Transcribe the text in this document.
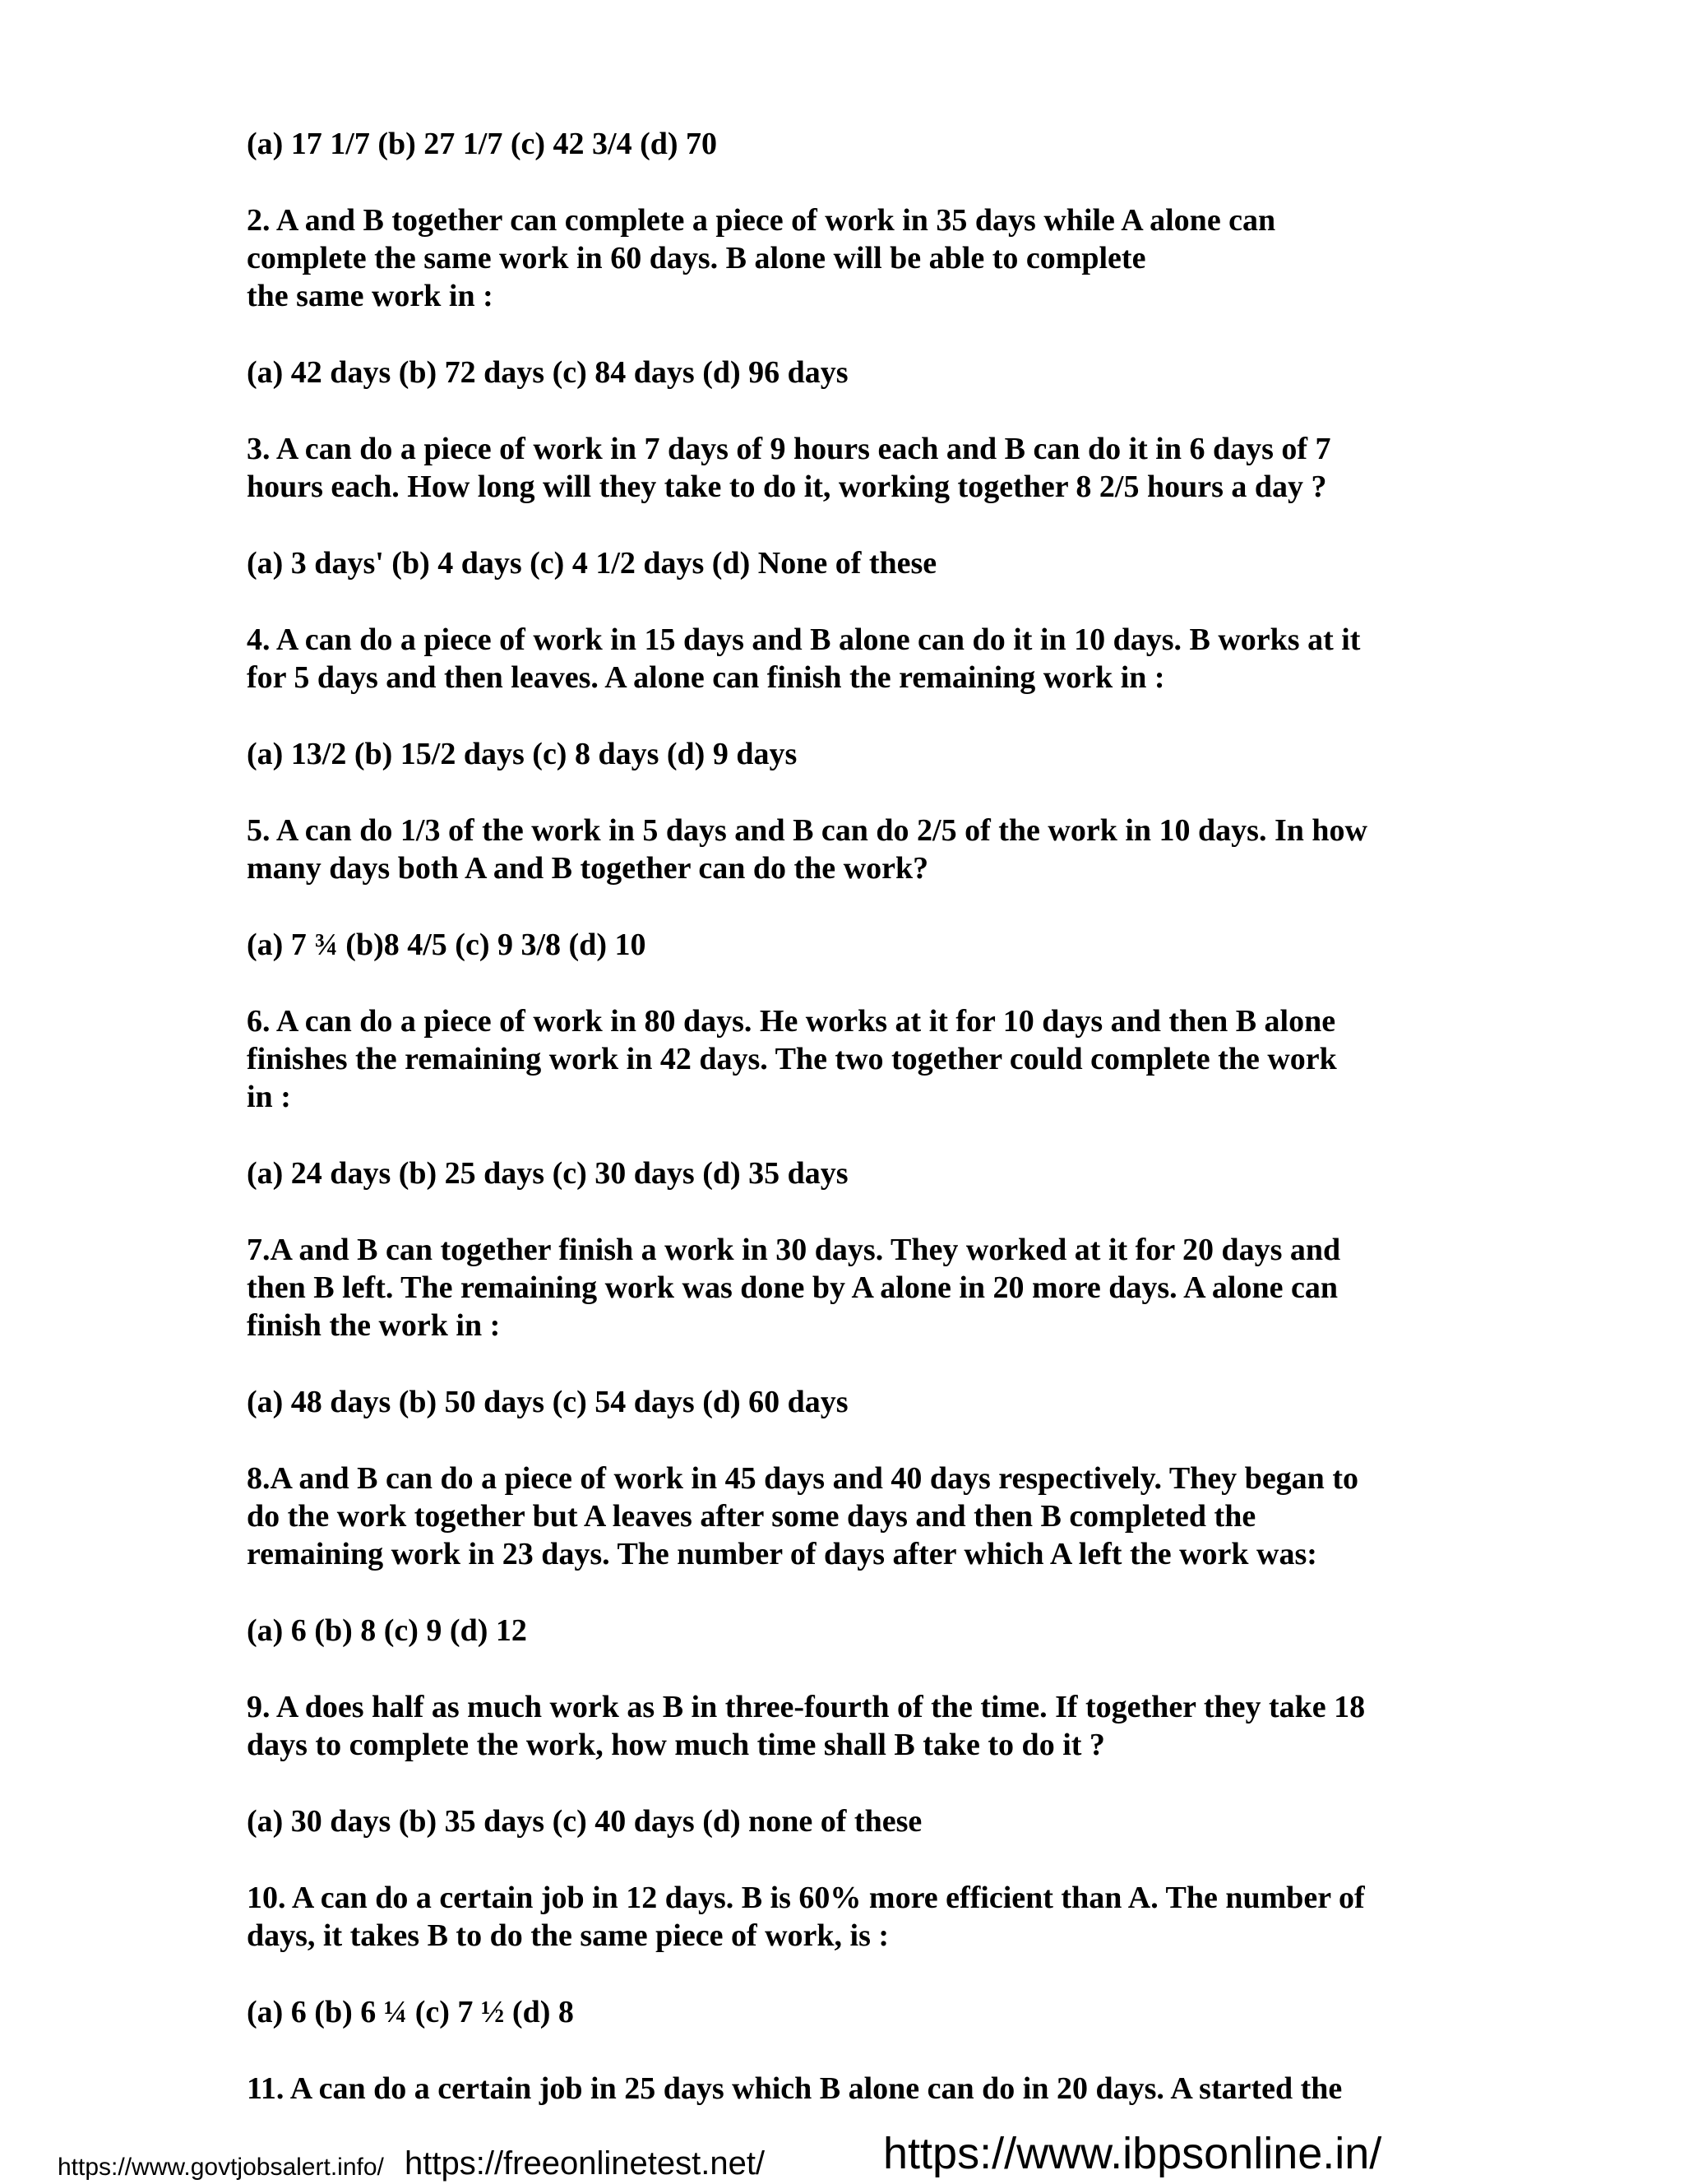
(a) 17 1/7 (b) 27 1/7 (c) 42 3/4 (d) 70
2. A and B together can complete a piece of work in 35 days while A alone can
complete the same work in 60 days. B alone will be able to complete
the same work in :
(a) 42 days (b) 72 days (c) 84 days (d) 96 days
3. A can do a piece of work in 7 days of 9 hours each and B can do it in 6 days of 7
hours each. How long will they take to do it, working together 8 2/5 hours a day ?
(a) 3 days' (b) 4 days (c) 4 1/2 days (d) None of these
4. A can do a piece of work in 15 days and B alone can do it in 10 days. B works at it
for 5 days and then leaves. A alone can finish the remaining work in :
(a) 13/2 (b) 15/2 days (c) 8 days (d) 9 days
5. A can do 1/3 of the work in 5 days and B can do 2/5 of the work in 10 days. In how
many days both A and B together can do the work?
(a) 7 ¾ (b)8 4/5 (c) 9 3/8 (d) 10
6. A can do a piece of work in 80 days. He works at it for 10 days and then B alone
finishes the remaining work in 42 days. The two together could complete the work
in :
(a) 24 days (b) 25 days (c) 30 days (d) 35 days
7.A and B can together finish a work in 30 days. They worked at it for 20 days and
then B left. The remaining work was done by A alone in 20 more days. A alone can
finish the work in :
(a) 48 days (b) 50 days (c) 54 days (d) 60 days
8.A and B can do a piece of work in 45 days and 40 days respectively. They began to
do the work together but A leaves after some days and then B completed the
remaining work in 23 days. The number of days after which A left the work was:
(a) 6 (b) 8 (c) 9 (d) 12
9. A does half as much work as B in three-fourth of the time. If together they take 18
days to complete the work, how much time shall B take to do it ?
(a) 30 days (b) 35 days (c) 40 days (d) none of these
10. A can do a certain job in 12 days. B is 60% more efficient than A. The number of
days, it takes B to do the same piece of work, is :
(a) 6 (b) 6 ¼ (c) 7 ½ (d) 8
11. A can do a certain job in 25 days which B alone can do in 20 days. A started the
https://www.govtjobsalert.info/ https://freeonlinetest.net/	https://www.ibpsonline.in/
